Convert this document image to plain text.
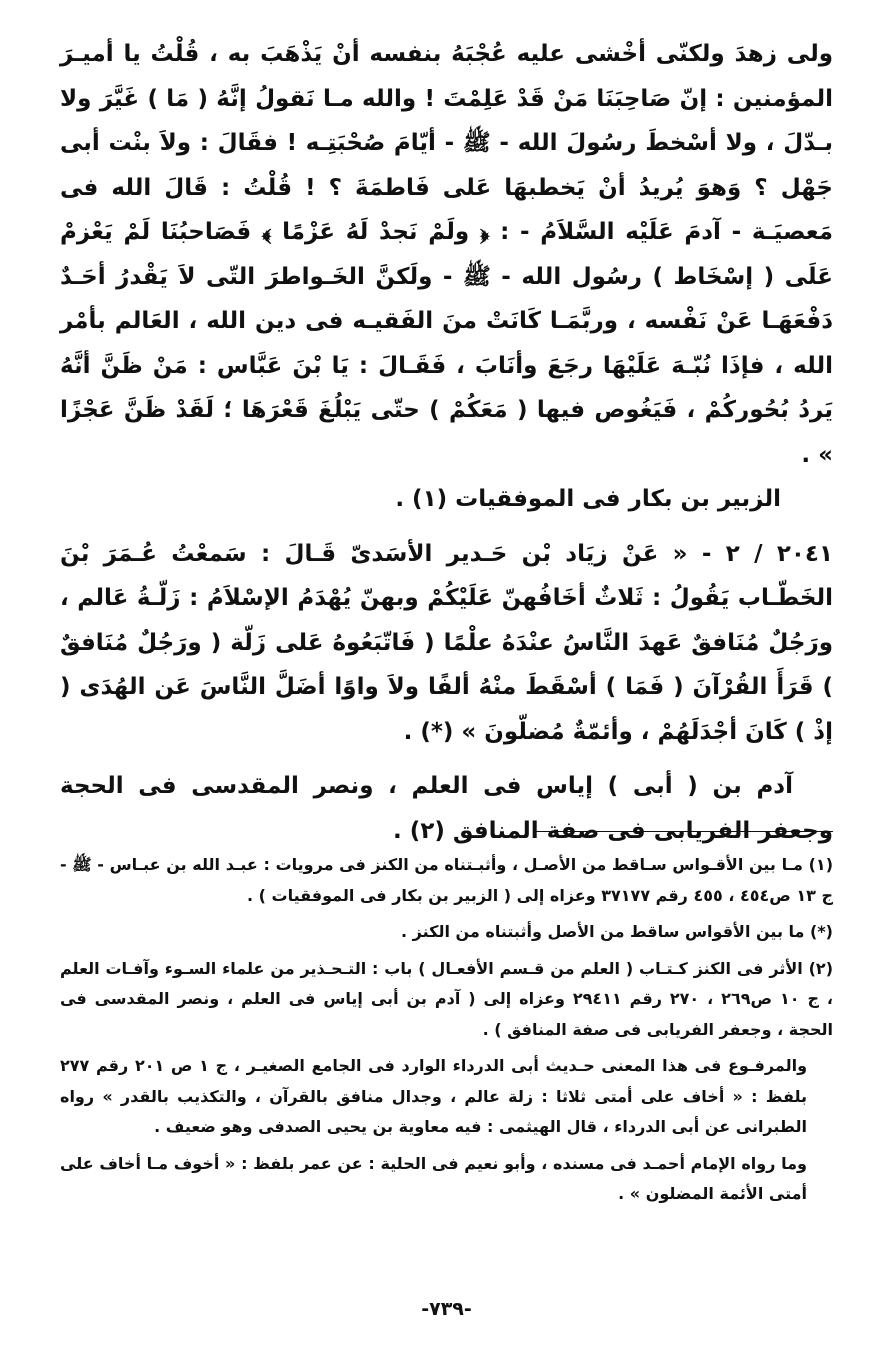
ولى زهدَ ولكنّى أخْشى عليه عُجْبَهُ بنفسه أنْ يَذْهَبَ به ، قُلْتُ يا أميـرَ المؤمنين : إنّ صَاحِبَنَا مَنْ قَدْ عَلِمْتَ ! والله مـا نَقولُ إنَّهُ ( مَا ) غَيَّرَ ولا بـدّلَ ، ولا أسْخطَ رسُولَ الله - ﷺ - أيّامَ صُحْبَتِـه ! فقَالَ : ولاَ بنْت أبى جَهْل ؟ وَهوَ يُريدُ أنْ يَخطبهَا عَلى فَاطمَةَ ؟ ! قُلْتُ : قَالَ الله فى مَعصيَـة - آدمَ عَلَيْه السَّلاَمُ - : ﴿ ولَمْ نَجدْ لَهُ عَزْمًا ﴾ فَصَاحبُنَا لَمْ يَعْزمْ عَلَى ( إسْخَاط ) رسُول الله - ﷺ - ولَكنَّ الخَـواطرَ التّى لاَ يَقْدرُ أحَـدٌ دَفْعَهَـا عَنْ نَفْسه ، وربَّمَـا كَانَتْ منَ الفَقيـه فى دين الله ، العَالم بأمْر الله ، فإذَا نُبّـهَ عَلَيْهَا رجَعَ وأنَابَ ، فَقَـالَ : يَا بْنَ عَبَّاس : مَنْ ظَنَّ أنَّهُ يَردُ بُحُوركُمْ ، فَيَغُوص فيها ( مَعَكُمْ ) حتّى يَبْلُغَ قَعْرَهَا ؛ لَقَدْ ظَنَّ عَجْزًا » .

الزبير بن بكار فى الموفقيات (١) .

٢٠٤١ / ٢ - « عَنْ زيَاد بْن حَـدير الأسَدىّ قَـالَ : سَمعْتُ عُـمَرَ بْنَ الخَطّـاب يَقُولُ : ثَلاثٌ أخَافُهنّ عَلَيْكُمْ وبهنّ يُهْدَمُ الإسْلاَمُ : زَلّـةُ عَالم ، ورَجُلٌ مُنَافقٌ عَهدَ النَّاسُ عنْدَهُ علْمًا ( فَاتّبَعُوهُ عَلى زَلّة ( ورَجُلٌ مُنَافقٌ ) قَرَأَ القُرْآنَ ( فَمَا ) أسْقَطَ منْهُ ألفًا ولاَ واوًا أضَلَّ النَّاسَ عَن الهُدَى ( إذْ ) كَانَ أجْدَلَهُمْ ، وأئمّةٌ مُضلّونَ » (*) .

آدم بن ( أبى ) إياس فى العلم ، ونصر المقدسى فى الحجة وجعفر الفريابى فى صفة المنافق (٢) .

(١) مـا بين الأقـواس سـاقط من الأصـل ، وأثبـتناه من الكنز فى مرويات : عبـد الله بن عبـاس - ﷺ - ج ١٣ ص٤٥٤ ، ٤٥٥ رقم ٣٧١٧٧ وعزاه إلى ( الزبير بن بكار فى الموفقيات ) .

(*) ما بين الأقواس ساقط من الأصل وأثبتناه من الكنز .

(٢) الأثر فى الكنز كـتـاب ( العلم من قـسم الأفعـال ) باب : التـحـذير من علماء السـوء وآفـات العلم ، ج ١٠ ص٢٦٩ ، ٢٧٠ رقم ٢٩٤١١ وعزاه إلى ( آدم بن أبى إياس فى العلم ، ونصر المقدسى فى الحجة ، وجعفر الفريابى فى صفة المنافق ) .

والمرفـوع فى هذا المعنى حـديث أبى الدرداء الوارد فى الجامع الصغيـر ، ج ١ ص ٢٠١ رقم ٢٧٧ بلفظ : « أخاف على أمتى ثلاثا : زلة عالم ، وجدال منافق بالقرآن ، والتكذيب بالقدر » رواه الطبرانى عن أبى الدرداء ، قال الهيثمى : فيه معاوية بن يحيى الصدفى وهو ضعيف .

وما رواه الإمام أحمـد فى مسنده ، وأبو نعيم فى الحلية : عن عمر بلفظ : « أخوف مـا أخاف على أمتى الأئمة المضلون » .

-٧٣٩-
